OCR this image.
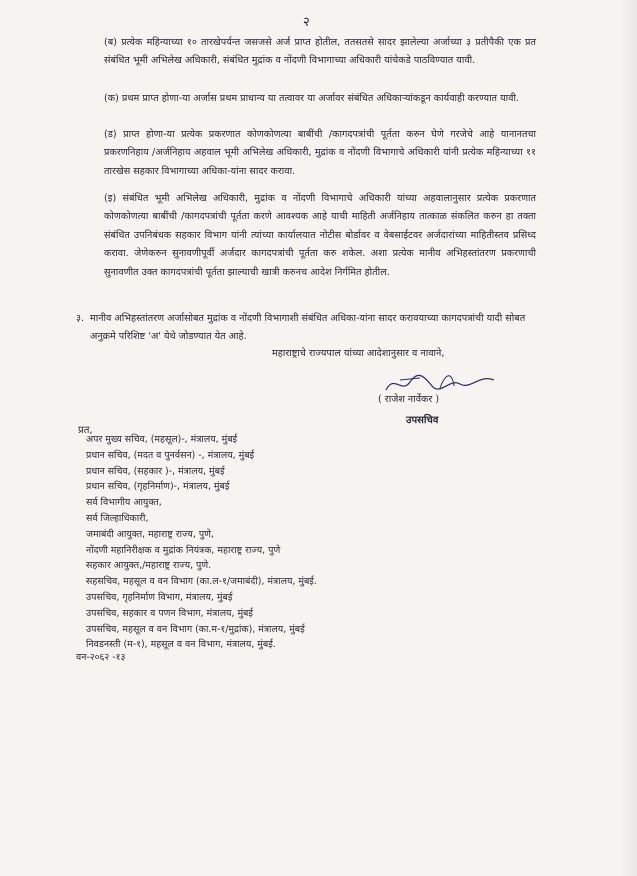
२
(ब) प्रत्येक महिन्याच्या १० तारखेपर्यन्त जसजसे अर्ज प्राप्त होतील, ततसतसे सादर झालेल्या अर्जाच्या ३ प्रतीपैकी एक प्रत संबंधित भूमी अभिलेख अधिकारी, संबंधित मुद्रांक व नोंदणी विभागाच्या अधिकारी यांचेकडे पाठविण्यात यावी.
(क) प्रथम प्राप्त होणा-या अर्जास प्रथम प्राधान्य या तत्वावर या अर्जावर संबंधित अधिकाऱ्यांकडून कार्यवाही करण्यात यावी.
(ड) प्राप्त होणा-या प्रत्येक प्रकरणात कोणकोणत्या बाबींची /कागदपत्रांची पूर्तता करुन घेणे गरजेचे आहे यानानतचा प्रकरणनिहाय /अर्जनिहाय अहवाल भूमी अभिलेख अधिकारी, मुद्रांक व नोंदणी विभागाचे अधिकारी यांनी प्रत्येक महिन्याच्या ११ तारखेस सहकार विभागाच्या अधिका-यांना सादर करावा.
(इ) संबंधित भूमी अभिलेख अधिकारी, मुद्रांक व नोंदणी विभागाचे अधिकारी यांच्या अहवालानुसार प्रत्येक प्रकरणात कोणकोणत्या बाबींची /कागदपत्रांची पूर्तता करणे आवश्यक आहे याची माहिती अर्जनिहाय तात्काळ संकलित करुन हा तक्ता संबंधित उपनिबंधक सहकार विभाग यांनी त्यांच्या कार्यालयात नोटीस बोर्डावर व वेबसाईटवर अर्जदारांच्या माहितीस्तव प्रसिध्द करावा. जेणेकरुन सुनावणीपूर्वी अर्जदार कागदपत्रांची पूर्तता करु शकेल. अशा प्रत्येक मानीव अभिहस्तांतरण प्रकरणाची सुनावणीत उक्त कागदपत्रांची पूर्तता झाल्याची खात्री करुनच आदेश निर्गमित होतील.
३. मानीव अभिहस्तांतरण अर्जासोबत मुद्रांक व नोंदणी विभागाशी संबंधित अधिका-यांना सादर करावयाच्या कागदपत्रांची यादी सोबत अनुक्रमे परिशिष्ट 'अ' येथे जोडण्यात येत आहे.
महाराष्ट्राचे राज्यपाल यांच्या आदेशानुसार व नावाने,
( राजेश नार्वेकर )
उपसचिव
प्रत,
अपर मुख्य सचिव, (महसूल)-, मंत्रालय, मुंबई
प्रधान सचिव, (मदत व पुनर्वसन) -, मंत्रालय, मुंबई
प्रधान सचिव, (सहकार )-, मंत्रालय, मुंबई
प्रधान सचिव, (गृहनिर्माण)-, मंत्रालय, मुंबई
सर्व विभागीय आयुक्त,
सर्व जिल्हाधिकारी,
जमाबंदी आयुक्त, महाराष्ट्र राज्य, पुणे,
नोंदणी महानिरीक्षक व मुद्रांक नियंत्रक, महाराष्ट्र राज्य, पुणे
सहकार आयुक्त,/महाराष्ट्र राज्य, पुणे.
सहसचिव, महसूल व वन विभाग (का.ल-१/जमाबंदी), मंत्रालय, मुंबई.
उपसचिव, गृहनिर्माण विभाग, मंत्रालय, मुंबई
उपसचिव, सहकार व पणन विभाग, मंत्रालय, मुंबई
उपसचिव, महसूल व वन विभाग (का.म-१/मुद्रांक), मंत्रालय, मुंबई
निवडनस्ती (म-१), महसूल व वन विभाग, मंत्रालय, मुंबई.
वन-२०६२ -१३
